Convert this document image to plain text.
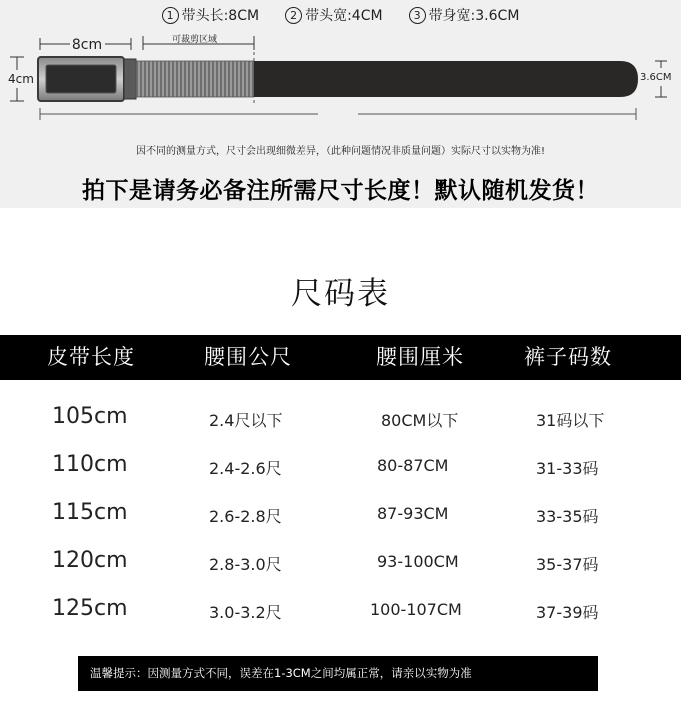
1 带头长:8CM	2 带头宽:4CM	3 带身宽:3.6CM
8cm	可裁剪区域
4cm	3.6CM
因不同的测量方式，尺寸会出现细微差异，（此种问题情况非质量问题）实际尺寸以实物为准!
拍下是请务必备注所需尺寸长度！默认随机发货！
尺码表
皮带长度	腰围公尺	腰围厘米	裤子码数
105cm	2.4尺以下	80CM以下	31码以下
110cm	2.4-2.6尺	80-87CM	31-33码
115cm	2.6-2.8尺	87-93CM	33-35码
120cm	2.8-3.0尺	93-100CM	35-37码
125cm	3.0-3.2尺	100-107CM	37-39码
温馨提示：因测量方式不同，误差在1-3CM之间均属正常，请亲以实物为准
